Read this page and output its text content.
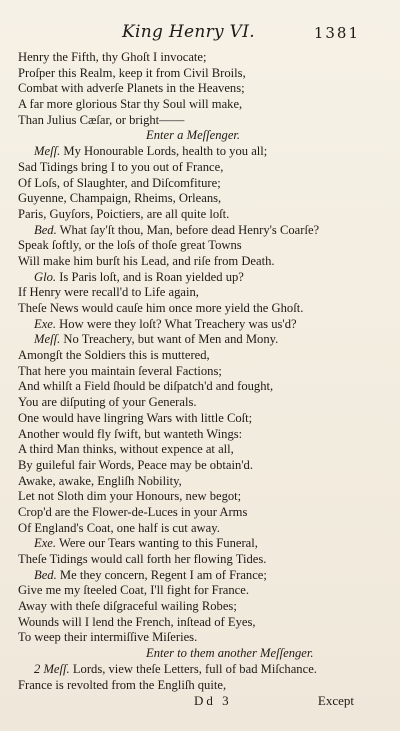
King Henry VI.	1381
Henry the Fifth, thy Ghoſt I invocate;
Proſper this Realm, keep it from Civil Broils,
Combat with adverſe Planets in the Heavens;
A far more glorious Star thy Soul will make,
Than Julius Cæſar, or bright——
Enter a Meſſenger.
Meſſ. My Honourable Lords, health to you all;
Sad Tidings bring I to you out of France,
Of Loſs, of Slaughter, and Diſcomfiture;
Guyenne, Champaign, Rheims, Orleans,
Paris, Guyſors, Poictiers, are all quite loſt.
Bed. What ſay'ſt thou, Man, before dead Henry's Coarſe?
Speak ſoftly, or the loſs of thoſe great Towns
Will make him burſt his Lead, and riſe from Death.
Glo. Is Paris loſt, and is Roan yielded up?
If Henry were recall'd to Life again,
Theſe News would cauſe him once more yield the Ghoſt.
Exe. How were they loſt? What Treachery was us'd?
Meſſ. No Treachery, but want of Men and Mony.
Amongſt the Soldiers this is muttered,
That here you maintain ſeveral Factions;
And whilſt a Field ſhould be diſpatch'd and fought,
You are diſputing of your Generals.
One would have lingring Wars with little Coſt;
Another would fly ſwift, but wanteth Wings:
A third Man thinks, without expence at all,
By guileful fair Words, Peace may be obtain'd.
Awake, awake, Engliſh Nobility,
Let not Sloth dim your Honours, new begot;
Crop'd are the Flower-de-Luces in your Arms
Of England's Coat, one half is cut away.
Exe. Were our Tears wanting to this Funeral,
Theſe Tidings would call forth her flowing Tides.
Bed. Me they concern, Regent I am of France;
Give me my ſteeled Coat, I'll fight for France.
Away with theſe diſgraceful wailing Robes;
Wounds will I lend the French, inſtead of Eyes,
To weep their intermiſſive Miſeries.
Enter to them another Meſſenger.
2 Meſſ. Lords, view theſe Letters, full of bad Miſchance.
France is revolted from the Engliſh quite,
Dd 3	Except
